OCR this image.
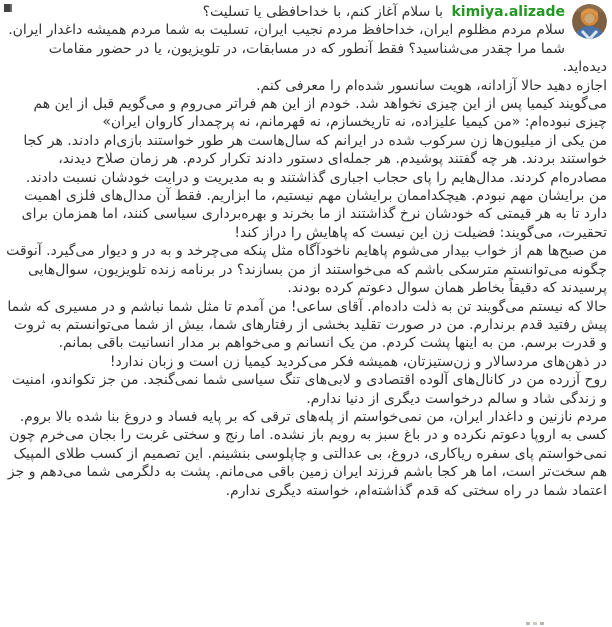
kimiya.alizade با سلام آغاز کنم، با خداحافظی یا تسلیت؟

سلام مردم مظلوم ایران، خداحافظ مردم نجیب ایران، تسلیت به شما مردم همیشه داغدار ایران.

شما مرا چقدر می‌شناسید؟ فقط آنطور که در مسابقات، در تلویزیون، یا در حضور مقامات دیده‌اید.

اجازه دهید حالا آزادانه، هویت سانسور شده‌ام را معرفی کنم.

می‌گویند کیمیا پس از این چیزی نخواهد شد. خودم از این هم فراتر می‌روم و می‌گویم قبل از این هم چیزی نبوده‌ام: «من کیمیا علیزاده، نه تاریخسازم، نه قهرمانم، نه پرچمدار کاروان ایران»

من یکی از میلیون‌ها زن سرکوب شده در ایرانم که سال‌هاست هر طور خواستند بازی‌ام دادند. هر کجا خواستند بردند. هر چه گفتند پوشیدم. هر جمله‌ای دستور دادند تکرار کردم. هر زمان صلاح دیدند، مصادره‌ام کردند. مدال‌هایم را پای حجاب اجباری گذاشتند و به مدیریت و درایت خودشان نسبت دادند.

من برایشان مهم نبودم. هیچکداممان برایشان مهم نیستیم، ما ابزاریم. فقط آن مدال‌های فلزی اهمیت دارد تا به هر قیمتی که خودشان نرخ گذاشتند از ما بخرند و بهره‌برداری سیاسی کنند، اما همزمان برای تحقیرت، می‌گویند: فضیلت زن این نیست که پاهایش را دراز کند!

من صبح‌ها هم از خواب بیدار می‌شوم پاهایم ناخودآگاه مثل پنکه می‌چرخد و به در و دیوار می‌گیرد. آنوقت چگونه می‌توانستم مترسکی باشم که می‌خواستند از من بسازند؟ در برنامه زنده تلویزیون، سوال‌هایی پرسیدند که دقیقاً بخاطر همان سوال دعوتم کرده بودند.

حالا که نیستم می‌گویند تن به ذلت داده‌ام. آقای ساعی! من آمدم تا مثل شما نباشم و در مسیری که شما پیش رفتید قدم برندارم. من در صورت تقلید بخشی از رفتارهای شما، بیش از شما می‌توانستم به ثروت و قدرت برسم. من به اینها پشت کردم. من یک انسانم و می‌خواهم بر مدار انسانیت باقی بمانم.

در ذهن‌های مردسالار و زن‌ستیزتان، همیشه فکر می‌کردید کیمیا زن است و زبان ندارد!

روح آزرده من در کانال‌های آلوده اقتصادی و لابی‌های تنگ سیاسی شما نمی‌گنجد. من جز تکواندو، امنیت و زندگی شاد و سالم درخواست دیگری از دنیا ندارم.

مردم نازنین و داغدار ایران، من نمی‌خواستم از پله‌های ترقی که بر پایه فساد و دروغ بنا شده بالا بروم.

کسی به اروپا دعوتم نکرده و در باغ سبز به رویم باز نشده. اما رنج و سختی غربت را بجان می‌خرم چون نمی‌خواستم پای سفره ریاکاری، دروغ، بی عدالتی و چاپلوسی بنشینم. این تصمیم از کسب طلای المپیک هم سخت‌تر است، اما هر کجا باشم فرزند ایران زمین باقی می‌مانم. پشت به دلگرمی شما می‌دهم و جز اعتماد شما در راه سختی که قدم گذاشته‌ام، خواسته دیگری ندارم.
